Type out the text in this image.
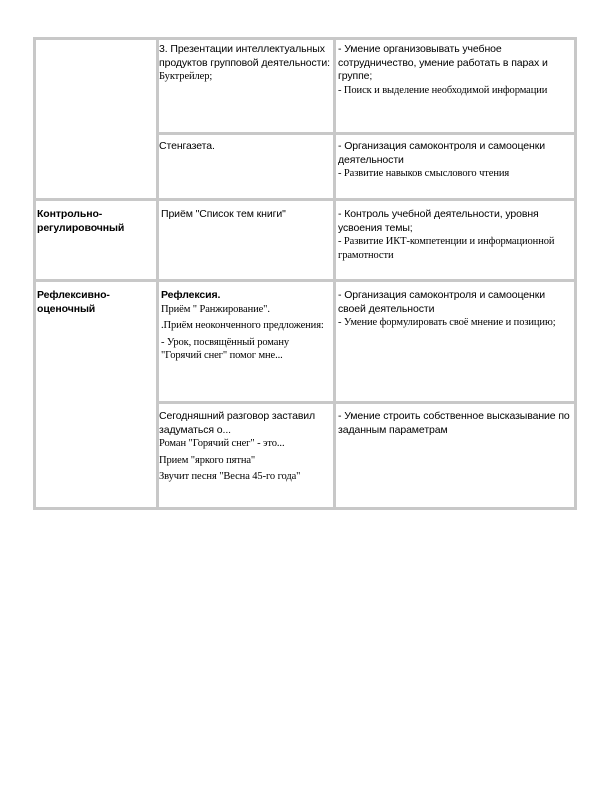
3. Презентации интеллектуальных продуктов групповой деятельности:

Буктрейлер;

- Умение организовывать учебное сотрудничество, умение работать в парах и группе;

- Поиск и выделение необходимой информации

Стенгазета.	- Организация самоконтроля и самооценки деятельности

- Развитие навыков смыслового чтения

Контрольно-регулировочный

Приём "Список тем книги"	- Контроль учебной деятельности, уровня усвоения темы;

- Развитие ИКТ-компетенции и информационной грамотности

Рефлексивно-оценочный

Рефлексия.

Приём " Ранжирование".

.Приём неоконченного предложения:

- Урок, посвящённый роману "Горячий снег" помог мне...

- Организация самоконтроля и самооценки своей деятельности

- Умение формулировать своё мнение и позицию;

Сегодняшний разговор заставил задуматься о...

Роман "Горячий снег" - это...

Прием "яркого пятна"

Звучит песня "Весна 45-го года"

- Умение строить собственное высказывание по заданным параметрам
